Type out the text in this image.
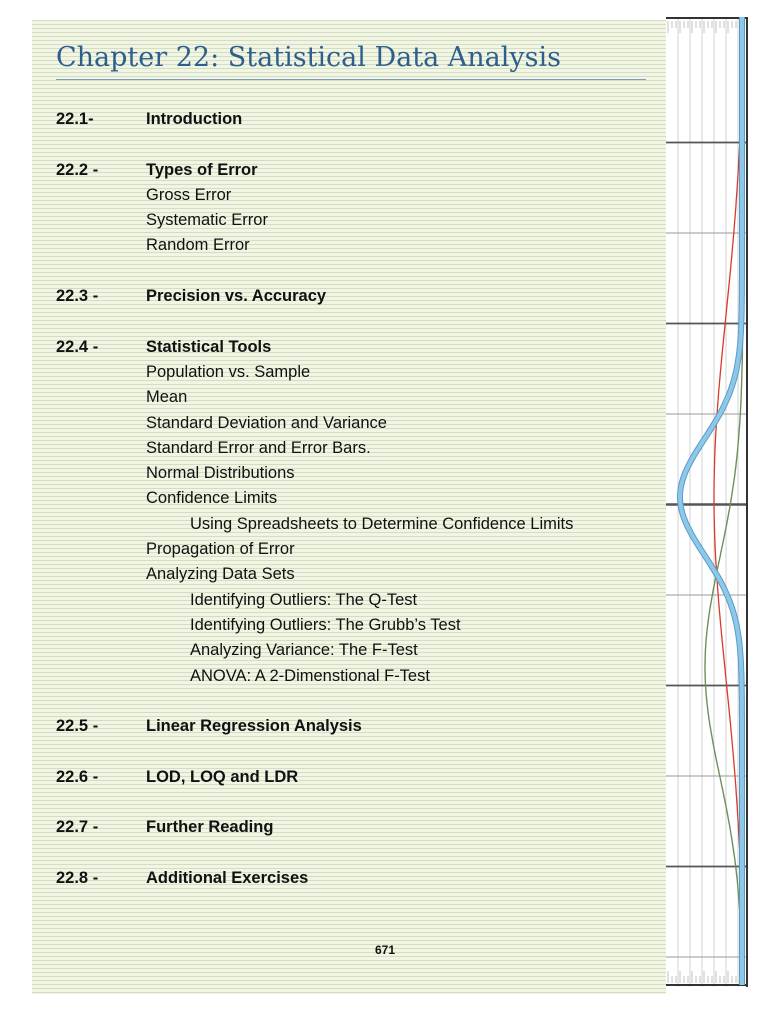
Chapter 22: Statistical Data Analysis
22.1-	Introduction
22.2 -	Types of Error
Gross Error
Systematic Error
Random Error
22.3 -	Precision vs. Accuracy
22.4 -	Statistical Tools
Population vs. Sample
Mean
Standard Deviation and Variance
Standard Error and Error Bars.
Normal Distributions
Confidence Limits
Using Spreadsheets to Determine Confidence Limits
Propagation of Error
Analyzing Data Sets
Identifying Outliers: The Q-Test
Identifying Outliers: The Grubb’s Test
Analyzing Variance: The F-Test
ANOVA: A 2-Dimenstional F-Test
22.5 -	Linear Regression Analysis
22.6 -	LOD, LOQ and LDR
22.7 -	Further Reading
22.8 -	Additional Exercises
671
